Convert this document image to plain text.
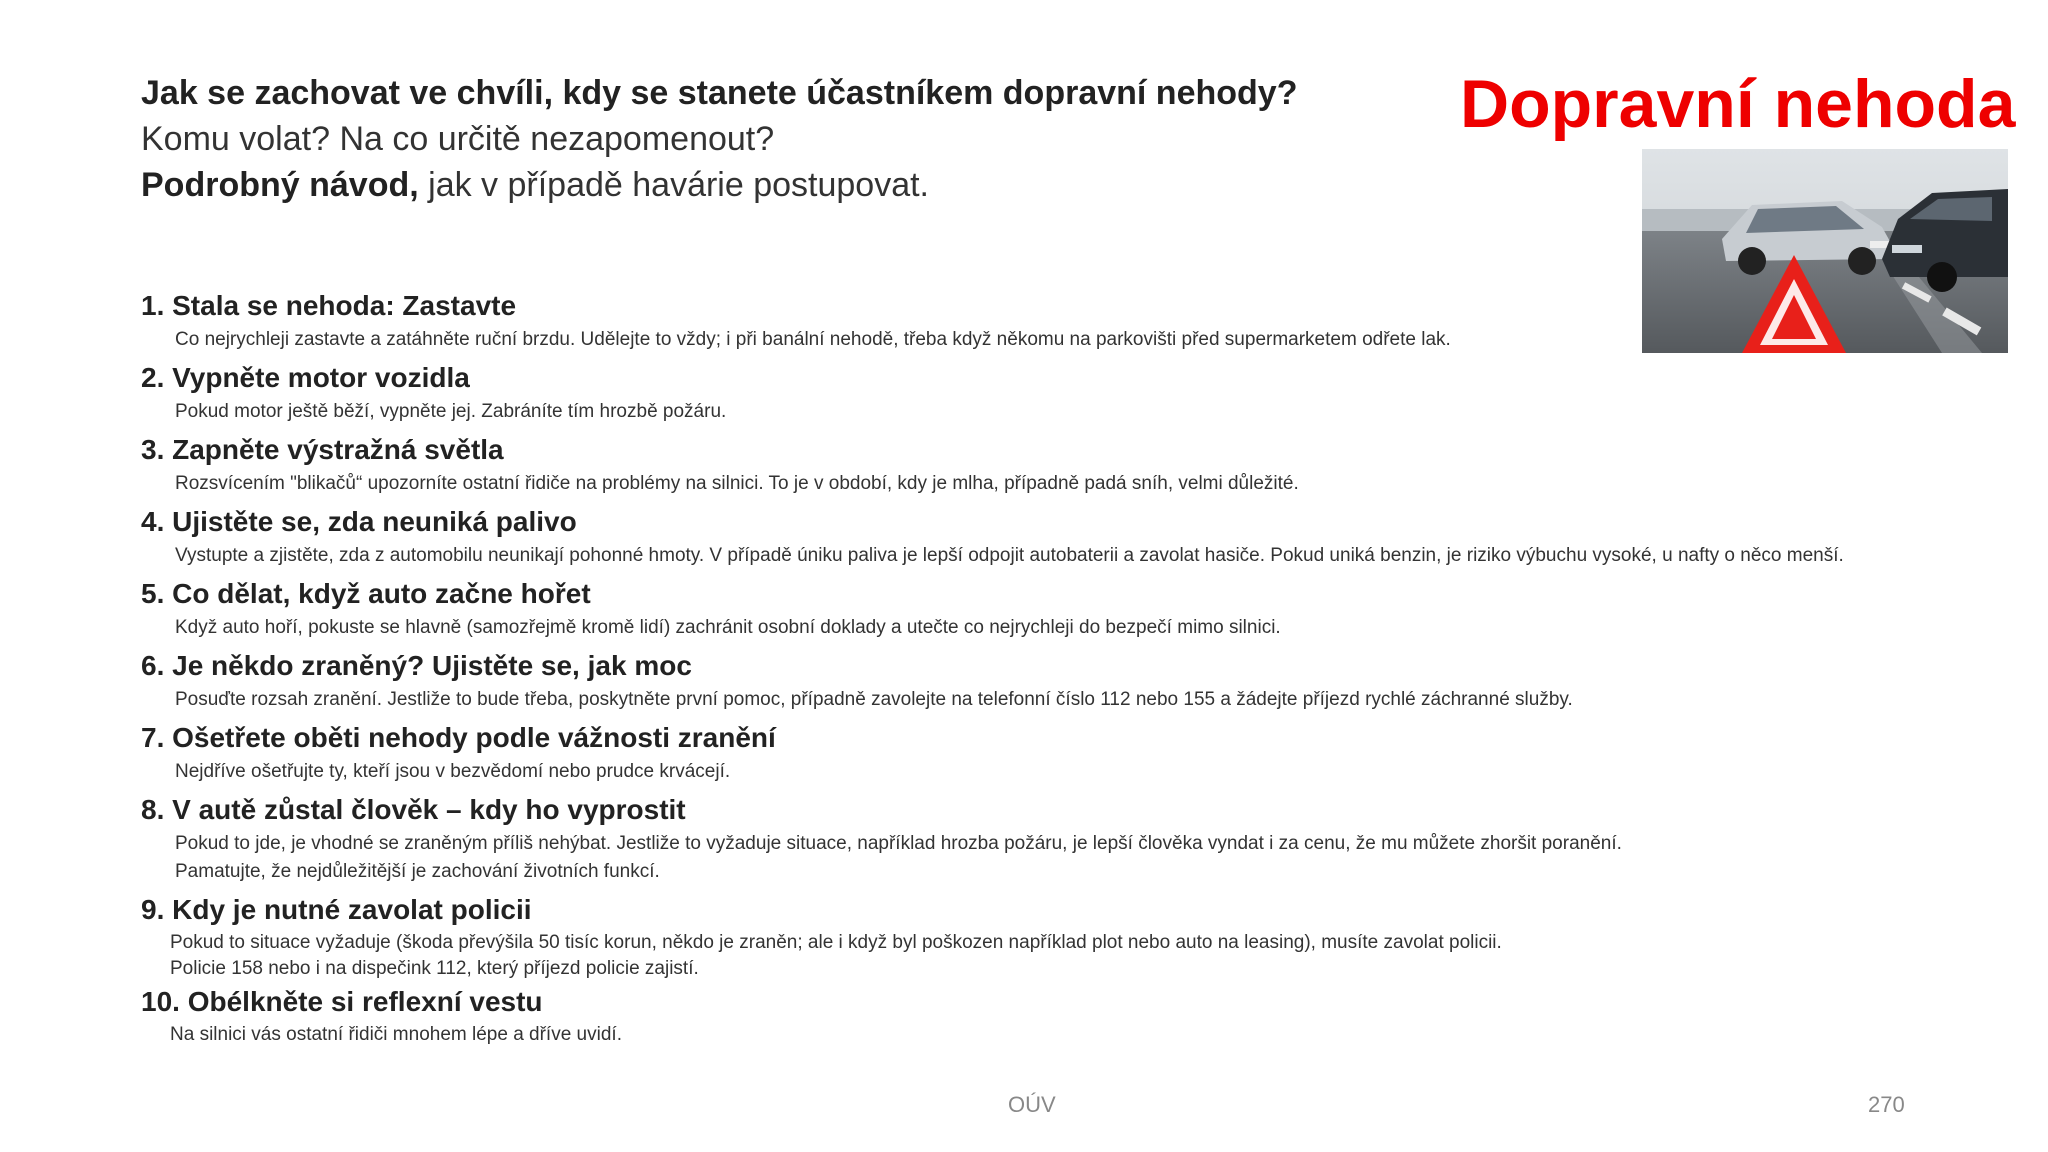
Jak se zachovat ve chvíli, kdy se stanete účastníkem dopravní nehody?
Komu volat? Na co určitě nezapomenout?
Podrobný návod, jak v případě havárie postupovat.
Dopravní nehoda
1. Stala se nehoda: Zastavte
Co nejrychleji zastavte a zatáhněte ruční brzdu. Udělejte to vždy; i při banální nehodě, třeba když někomu na parkovišti před supermarketem odřete lak.
2. Vypněte motor vozidla
Pokud motor ještě běží, vypněte jej. Zabráníte tím hrozbě požáru.
3. Zapněte výstražná světla
Rozsvícením "blikačů“ upozorníte ostatní řidiče na problémy na silnici. To je v období, kdy je mlha, případně padá sníh, velmi důležité.
4. Ujistěte se, zda neuniká palivo
Vystupte a zjistěte, zda z automobilu neunikají pohonné hmoty. V případě úniku paliva je lepší odpojit autobaterii a zavolat hasiče. Pokud uniká benzin, je riziko výbuchu vysoké, u nafty o něco menší.
5. Co dělat, když auto začne hořet
Když auto hoří, pokuste se hlavně (samozřejmě kromě lidí) zachránit osobní doklady a utečte co nejrychleji do bezpečí mimo silnici.
6. Je někdo zraněný? Ujistěte se, jak moc
Posuďte rozsah zranění. Jestliže to bude třeba, poskytněte první pomoc, případně zavolejte na telefonní číslo 112 nebo 155 a žádejte příjezd rychlé záchranné služby.
7. Ošetřete oběti nehody podle vážnosti zranění
Nejdříve ošetřujte ty, kteří jsou v bezvědomí nebo prudce krvácejí.
8. V autě zůstal člověk – kdy ho vyprostit
Pokud to jde, je vhodné se zraněným příliš nehýbat. Jestliže to vyžaduje situace, například hrozba požáru, je lepší člověka vyndat i za cenu, že mu můžete zhoršit poranění.
Pamatujte, že nejdůležitější je zachování životních funkcí.
9. Kdy je nutné zavolat policii
Pokud to situace vyžaduje (škoda převýšila 50 tisíc korun, někdo je zraněn; ale i když byl poškozen například plot nebo auto na leasing), musíte zavolat policii.
Policie 158 nebo i na dispečink 112, který příjezd policie zajistí.
10. Obélkněte si reflexní vestu
Na silnici vás ostatní řidiči mnohem lépe a dříve uvidí.
OÚV	270
